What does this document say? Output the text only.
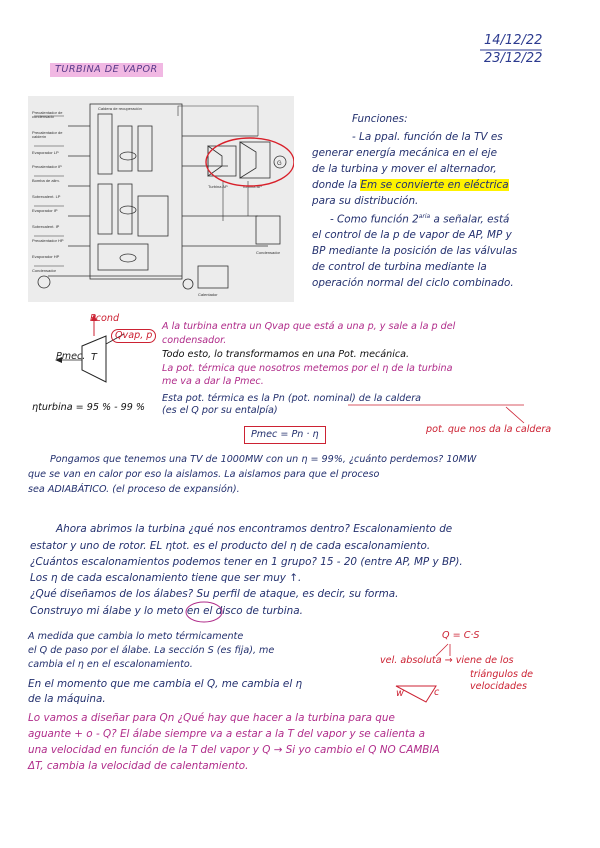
14/12/22
23/12/22
TURBINA DE VAPOR
Precalentador de
condensado
Precalentador de
calderín
Evaporador LP
Precalentador IP
Bomba de alim.
Sobrecalent. LP
Evaporador IP
Sobrecalent. IP
Precalentador HP
Evaporador HP
Condensador
Caldera de recuperación
Turbina AP	Turbina BP
Condensador
Calentador
G
Funciones:
- La ppal. función de la TV es
generar energía mecánica en el eje
de la turbina y mover el alternador,
donde la Em se convierte en eléctrica
para su distribución.
- Como función $2^{aria}$ a señalar, está
el control de la p de vapor de AP, MP y
BP mediante la posición de las válvulas
de control de turbina mediante la
operación normal del ciclo combinado.
Pcond
Qvap, p
Pmec. T
ηturbina = 95 % - 99 %
A la turbina entra un Qvap que está a una p, y sale a la p del
condensador.
Todo esto, lo transformamos en una Pot. mecánica.
La pot. térmica que nosotros metemos por el η de la turbina
me va a dar la Pmec.
Esta pot. térmica es la Pn (pot. nominal) de la caldera
(es el Q por su entalpía)
Pmec = Pn · η	pot. que nos da la caldera
Pongamos que tenemos una TV de 1000MW con un η = 99%, ¿cuánto perdemos? 10MW
que se van en calor por eso la aislamos. La aislamos para que el proceso
sea ADIABÁTICO. (el proceso de expansión).
Ahora abrimos la turbina ¿qué nos encontramos dentro? Escalonamiento de
estator y uno de rotor. EL ηtot. es el producto del η de cada escalonamiento.
¿Cuántos escalonamientos podemos tener en 1 grupo? 15 - 20 (entre AP, MP y BP).
Los η de cada escalonamiento tiene que ser muy ↑.
¿Qué diseñamos de los álabes? Su perfil de ataque, es decir, su forma.
Construyo mi álabe y lo meto en el disco de turbina.
A medida que cambia lo meto térmicamente
el Q de paso por el álabe. La sección S (es fija), me
cambia el η en el escalonamiento.
En el momento que me cambia el Q, me cambia el η
de la máquina.
Q = C·S
vel. absoluta → viene de los
triángulos de
velocidades
w	c
Lo vamos a diseñar para Qn ¿Qué hay que hacer a la turbina para que
aguante + o - Q? El álabe siempre va a estar a la T del vapor y se calienta a
una velocidad en función de la T del vapor y Q → Si yo cambio el Q NO CAMBIA
ΔT, cambia la velocidad de calentamiento.
